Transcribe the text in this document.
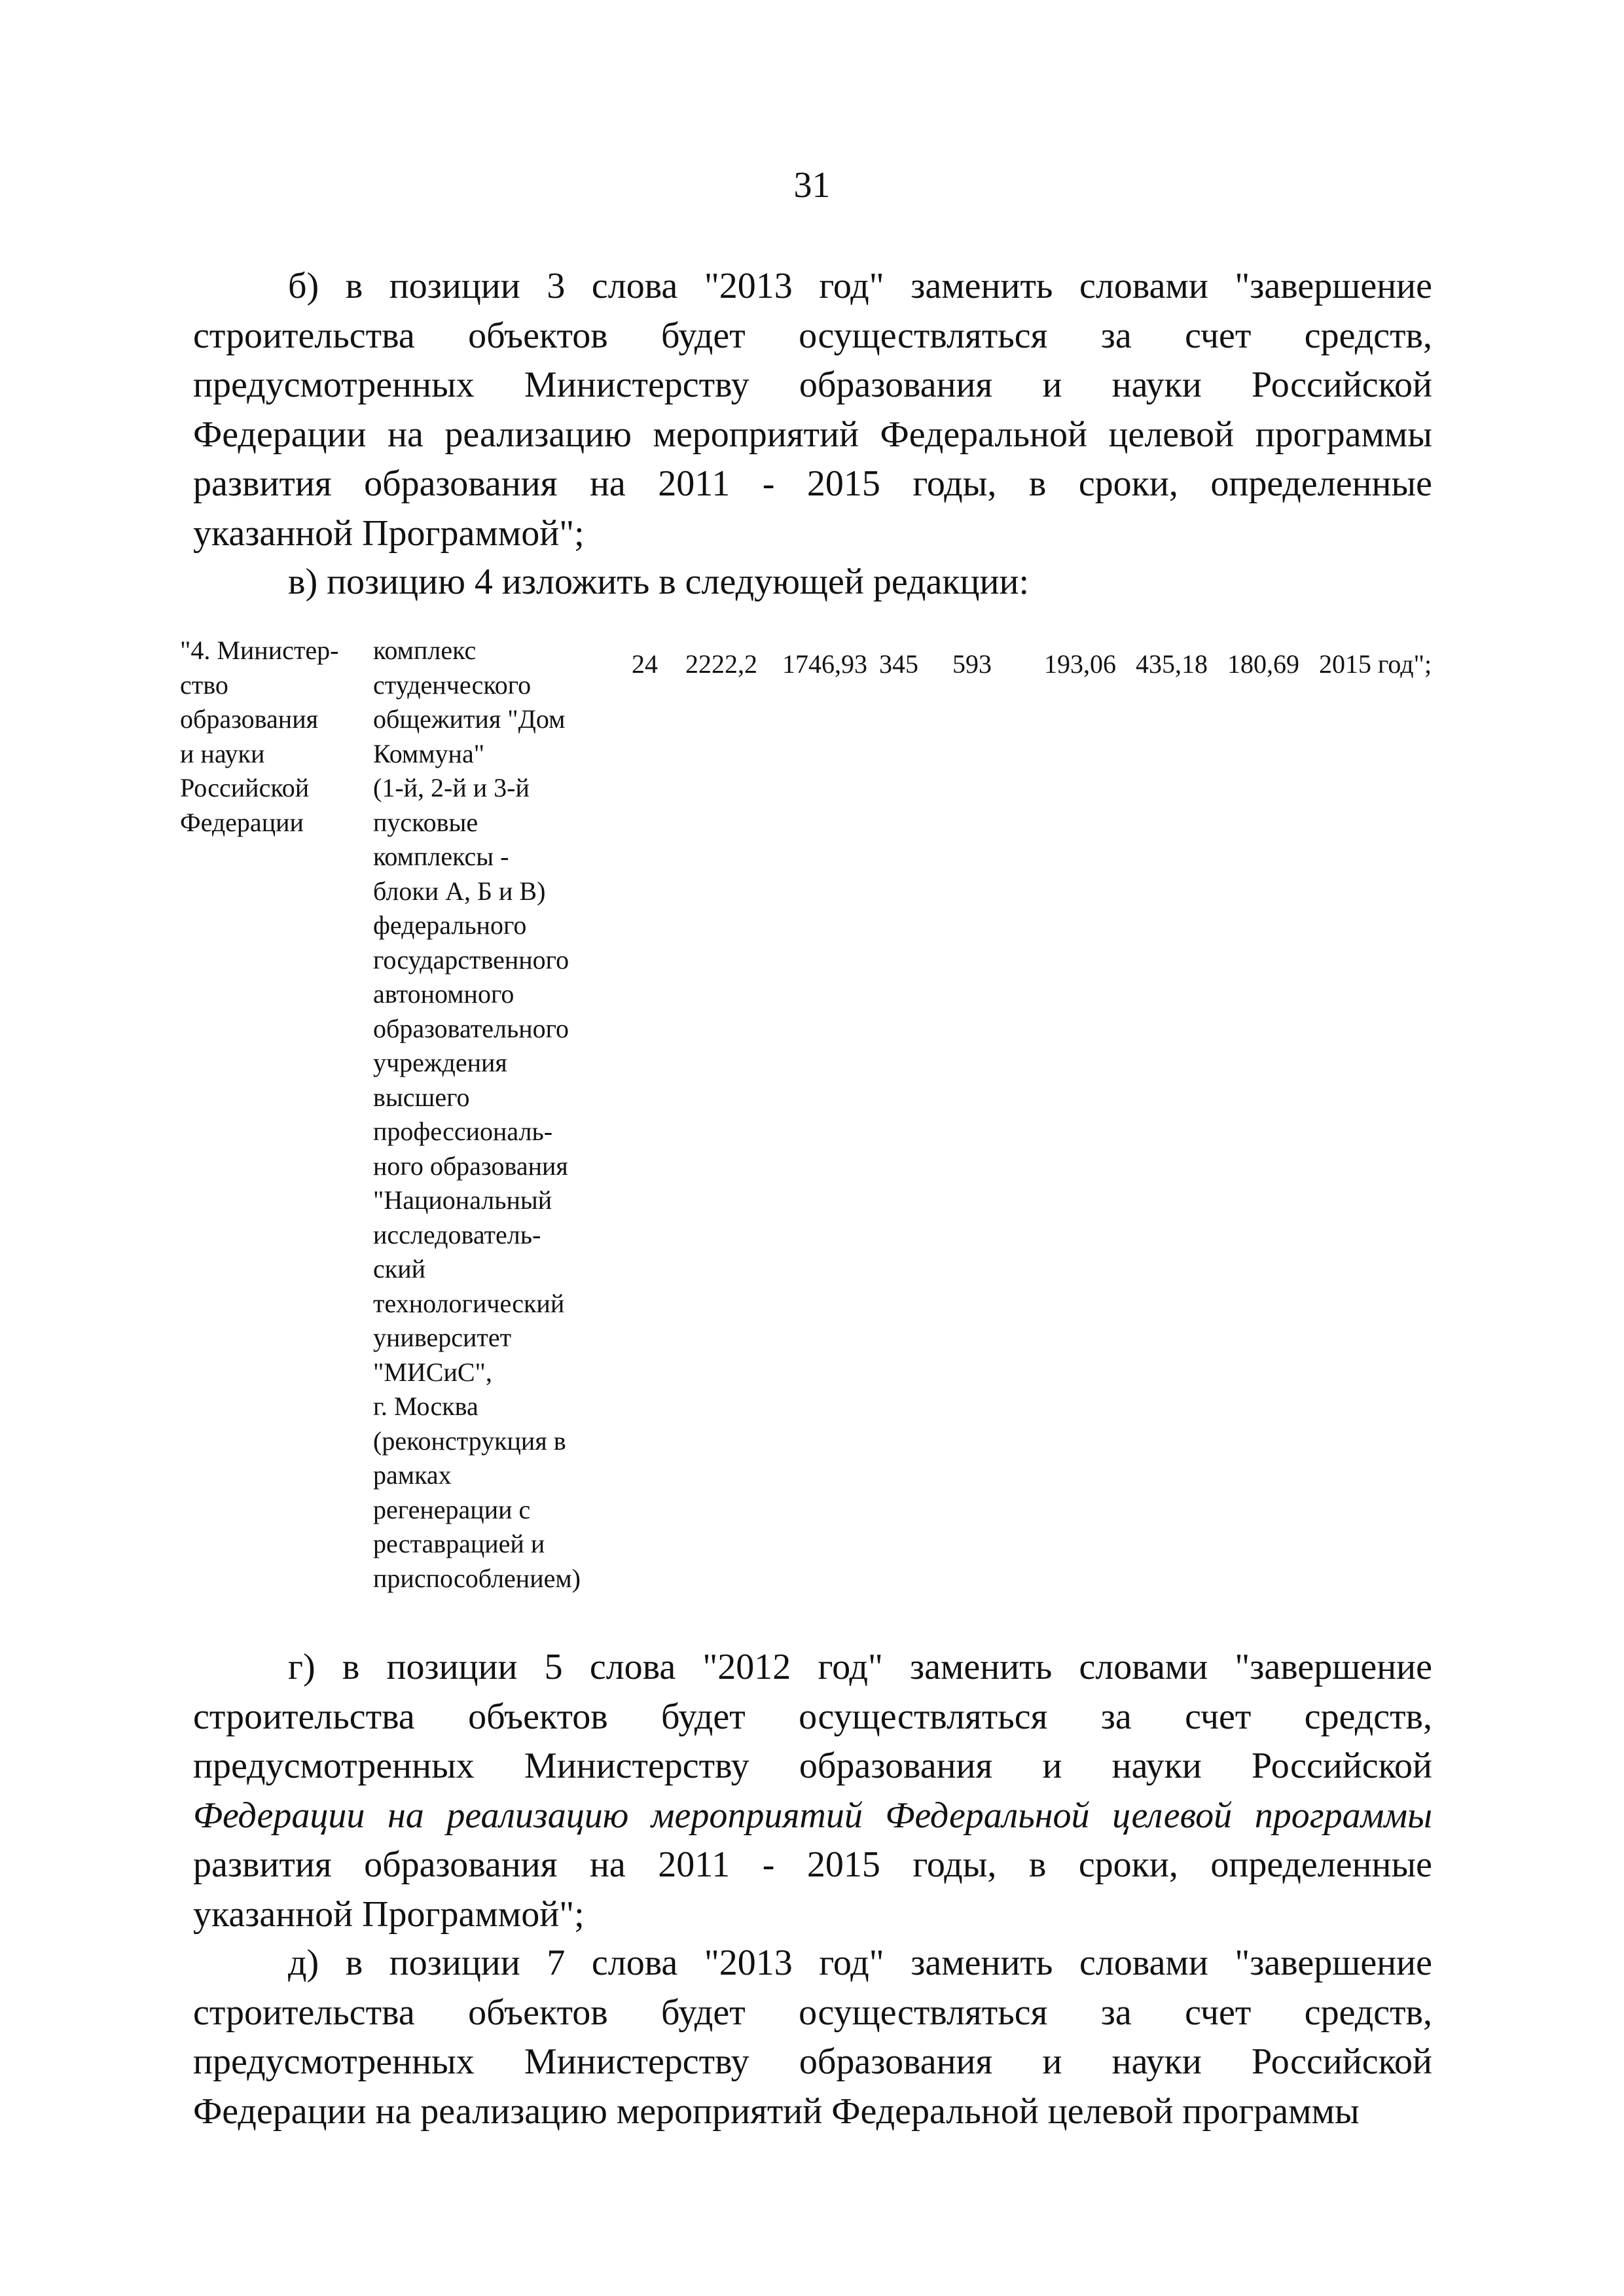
31

б) в позиции 3 слова "2013 год" заменить словами "завершение
строительства объектов будет осуществляться за счет средств,
предусмотренных Министерству образования и науки Российской
Федерации на реализацию мероприятий Федеральной целевой программы
развития образования на 2011 - 2015 годы, в сроки, определенные
указанной Программой";

в) позицию 4 изложить в следующей редакции:

"4. Министер-
ство
образования
и науки
Российской
Федерации
комплекс
студенческого
общежития "Дом
Коммуна"
(1-й, 2-й и 3-й
пусковые
комплексы -
блоки А, Б и В)
федерального
государственного
автономного
образовательного
учреждения
высшего
профессиональ-
ного образования
"Национальный
исследователь-
ский
технологический
университет
"МИСиС",
г. Москва
(реконструкция в
рамках
регенерации с
реставрацией и
приспособлением)
24 2222,2 1746,93 345 593 193,06 435,18 180,69 2015 год";

г) в позиции 5 слова "2012 год" заменить словами "завершение
строительства объектов будет осуществляться за счет средств,
предусмотренных Министерству образования и науки Российской
Федерации на реализацию мероприятий Федеральной целевой программы
развития образования на 2011 - 2015 годы, в сроки, определенные
указанной Программой";

д) в позиции 7 слова "2013 год" заменить словами "завершение
строительства объектов будет осуществляться за счет средств,
предусмотренных Министерству образования и науки Российской
Федерации на реализацию мероприятий Федеральной целевой программы
